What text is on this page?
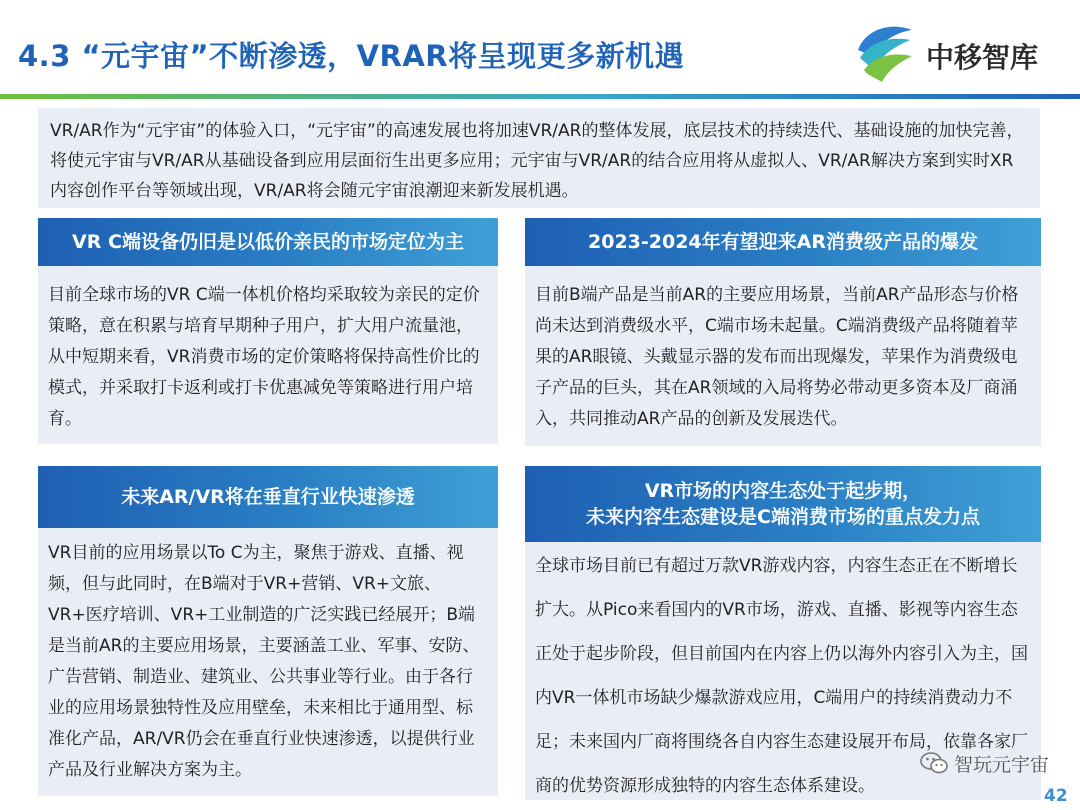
4.3 “元宇宙”不断渗透，VRAR将呈现更多新机遇	中移智库
VR/AR作为“元宇宙”的体验入口，“元宇宙”的高速发展也将加速VR/AR的整体发展，底层技术的持续迭代、基础设施的加快完善，将使元宇宙与VR/AR从基础设备到应用层面衍生出更多应用；元宇宙与VR/AR的结合应用将从虚拟人、VR/AR解决方案到实时XR内容创作平台等领域出现，VR/AR将会随元宇宙浪潮迎来新发展机遇。
VR C端设备仍旧是以低价亲民的市场定位为主
目前全球市场的VR C端一体机价格均采取较为亲民的定价策略，意在积累与培育早期种子用户，扩大用户流量池，从中短期来看，VR消费市场的定价策略将保持高性价比的模式，并采取打卡返利或打卡优惠减免等策略进行用户培育。
2023-2024年有望迎来AR消费级产品的爆发
目前B端产品是当前AR的主要应用场景，当前AR产品形态与价格尚未达到消费级水平，C端市场未起量。C端消费级产品将随着苹果的AR眼镜、头戴显示器的发布而出现爆发，苹果作为消费级电子产品的巨头，其在AR领域的入局将势必带动更多资本及厂商涌入，共同推动AR产品的创新及发展迭代。
未来AR/VR将在垂直行业快速渗透
VR目前的应用场景以To C为主，聚焦于游戏、直播、视频，但与此同时，在B端对于VR+营销、VR+文旅、VR+医疗培训、VR+工业制造的广泛实践已经展开；B端是当前AR的主要应用场景，主要涵盖工业、军事、安防、广告营销、制造业、建筑业、公共事业等行业。由于各行业的应用场景独特性及应用壁垒，未来相比于通用型、标准化产品，AR/VR仍会在垂直行业快速渗透，以提供行业产品及行业解决方案为主。
VR市场的内容生态处于起步期，
未来内容生态建设是C端消费市场的重点发力点
全球市场目前已有超过万款VR游戏内容，内容生态正在不断增长扩大。从Pico来看国内的VR市场，游戏、直播、影视等内容生态正处于起步阶段，但目前国内在内容上仍以海外内容引入为主，国内VR一体机市场缺少爆款游戏应用，C端用户的持续消费动力不足；未来国内厂商将围绕各自内容生态建设展开布局，依靠各家厂商的优势资源形成独特的内容生态体系建设。
智玩元宇宙
42
